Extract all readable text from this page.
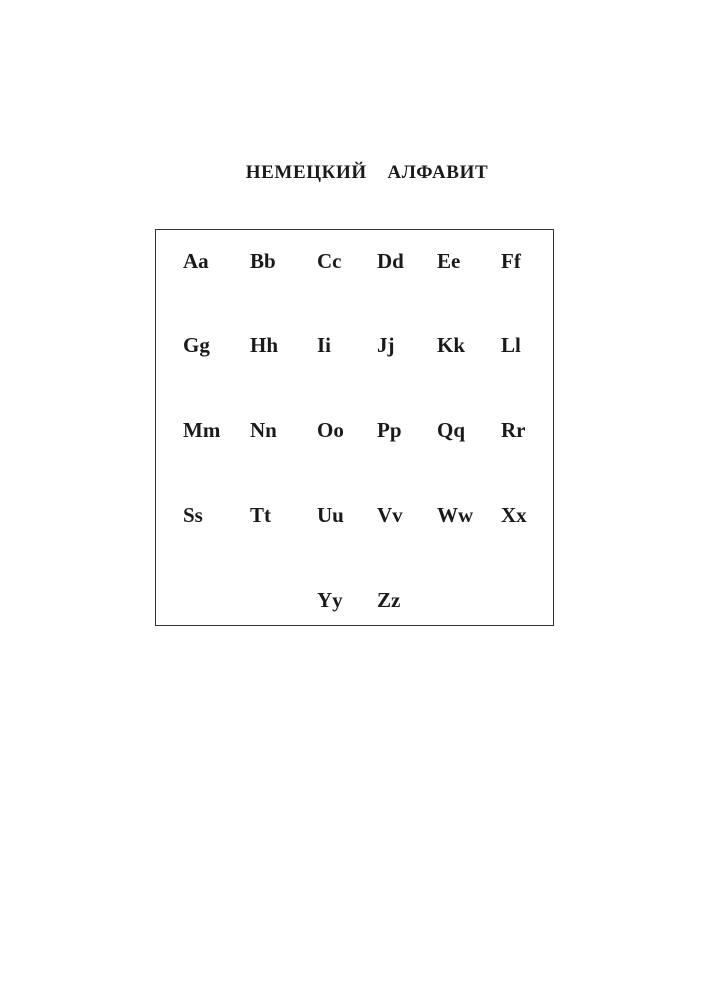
НЕМЕЦКИЙ  АЛФАВИТ
Aa Bb Cc Dd Ee Ff
Gg Hh Ii Jj Kk Ll
Mm Nn Oo Pp Qq Rr
Ss Tt Uu Vv Ww Xx
Yy Zz
